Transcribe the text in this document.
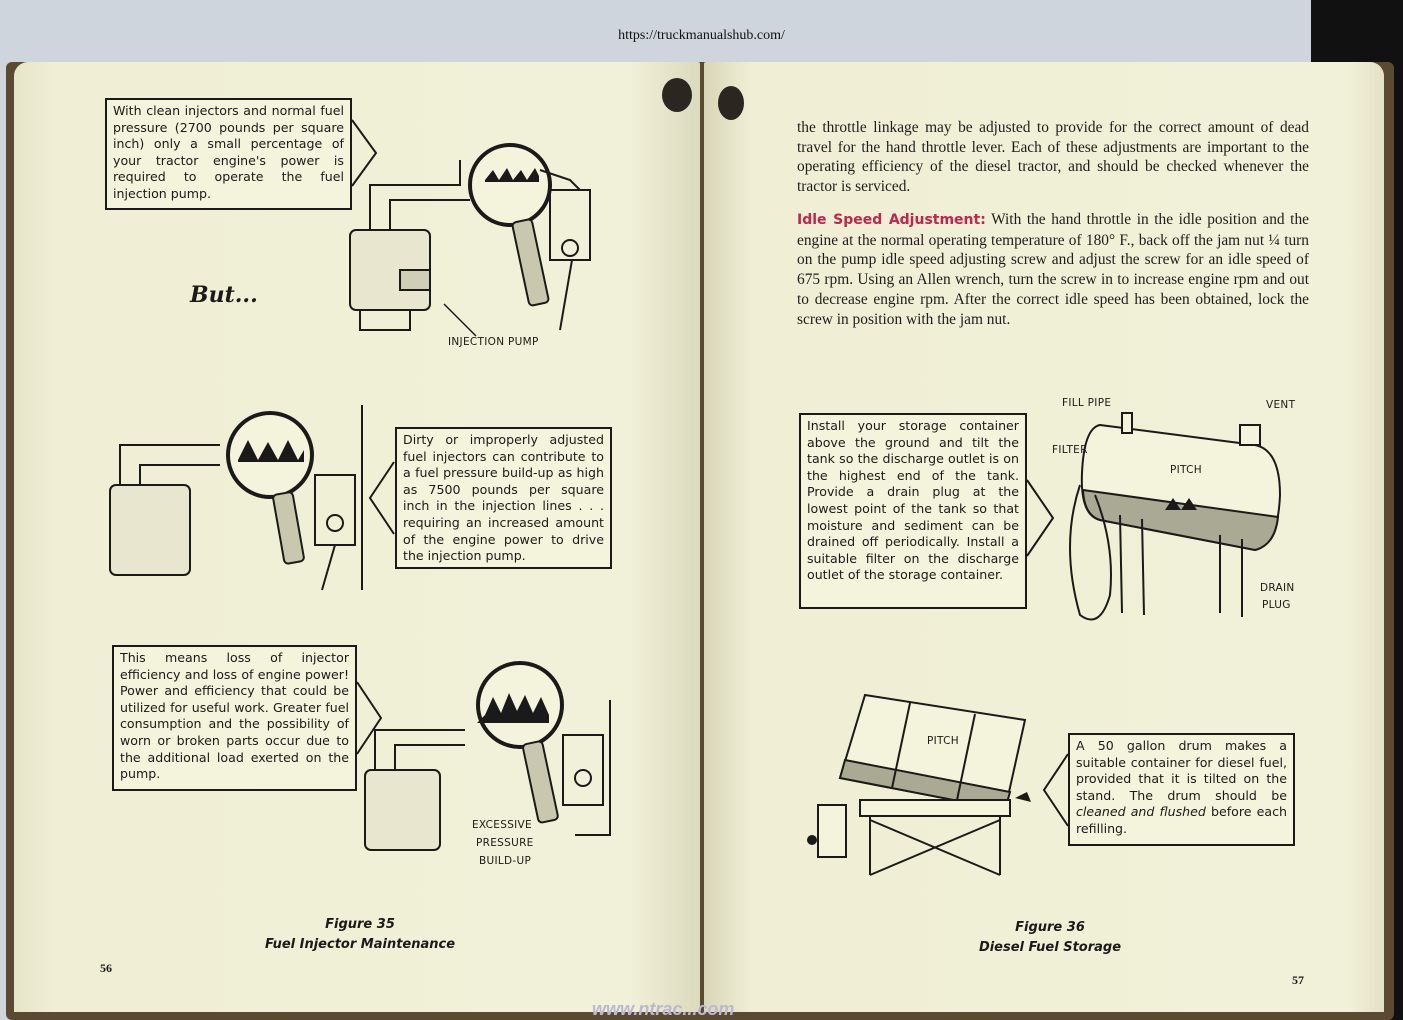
https://truckmanualshub.com/
With clean injectors and normal fuel pressure (2700 pounds per square inch) only a small percentage of your tractor engine's power is required to operate the fuel injection pump.
But...
INJECTION PUMP
Dirty or improperly adjusted fuel injectors can contribute to a fuel pressure build-up as high as 7500 pounds per square inch in the injection lines . . . requiring an increased amount of the engine power to drive the injection pump.
This means loss of injector efficiency and loss of engine power! Power and efficiency that could be utilized for useful work. Greater fuel consumption and the possibility of worn or broken parts occur due to the additional load exerted on the pump.
EXCESSIVE
PRESSURE
BUILD-UP
Figure 35
Fuel Injector Maintenance
56
the throttle linkage may be adjusted to provide for the correct amount of dead travel for the hand throttle lever. Each of these adjustments are important to the operating efficiency of the diesel tractor, and should be checked whenever the tractor is serviced.
Idle Speed Adjustment: With the hand throttle in the idle position and the engine at the normal operating temperature of 180° F., back off the jam nut ¼ turn on the pump idle speed adjusting screw and adjust the screw for an idle speed of 675 rpm. Using an Allen wrench, turn the screw in to increase engine rpm and out to decrease engine rpm. After the correct idle speed has been obtained, lock the screw in position with the jam nut.
Install your storage container above the ground and tilt the tank so the discharge outlet is on the highest end of the tank. Provide a drain plug at the lowest point of the tank so that moisture and sediment can be drained off periodically. Install a suitable filter on the discharge outlet of the storage container.
FILL PIPE	VENT
FILTER
PITCH
DRAIN
PLUG
PITCH	A 50 gallon drum makes a suitable container for diesel fuel, provided that it is tilted on the stand. The drum should be cleaned and flushed before each refilling.
Figure 36
Diesel Fuel Storage
57
www.ntrac...com
